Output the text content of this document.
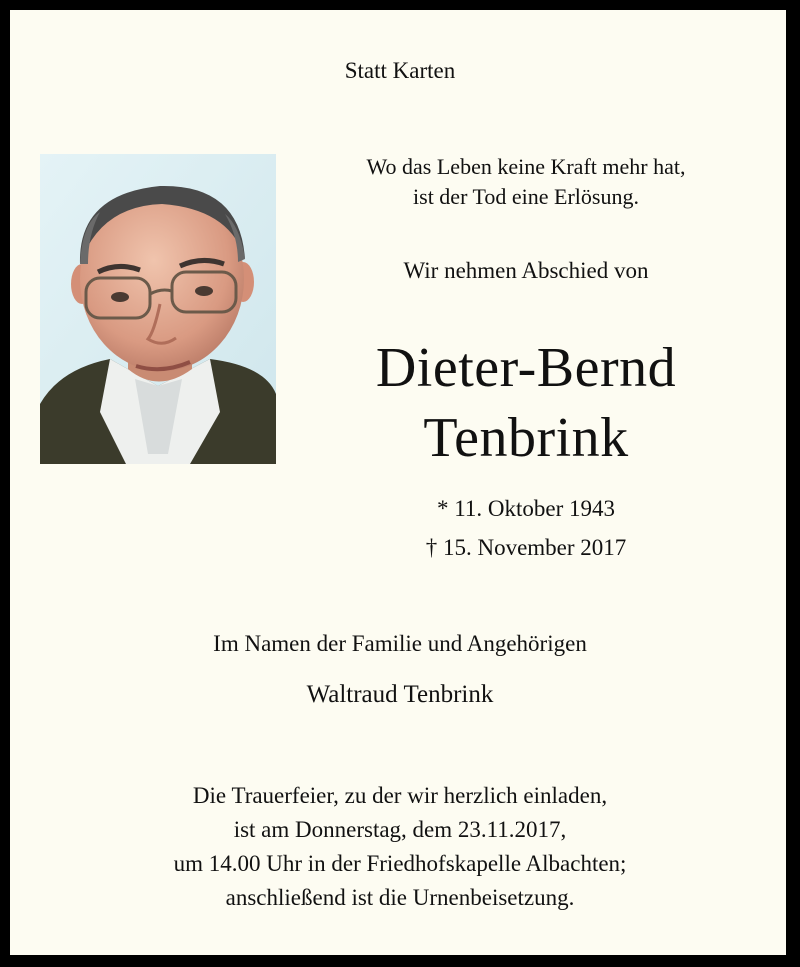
Statt Karten

Wo das Leben keine Kraft mehr hat,
ist der Tod eine Erlösung.

Wir nehmen Abschied von

Dieter-Bernd

Tenbrink

* 11. Oktober 1943

† 15. November 2017

Im Namen der Familie und Angehörigen

Waltraud Tenbrink

Die Trauerfeier, zu der wir herzlich einladen,
ist am Donnerstag, dem 23.11.2017,
um 14.00 Uhr in der Friedhofskapelle Albachten;
anschließend ist die Urnenbeisetzung.
